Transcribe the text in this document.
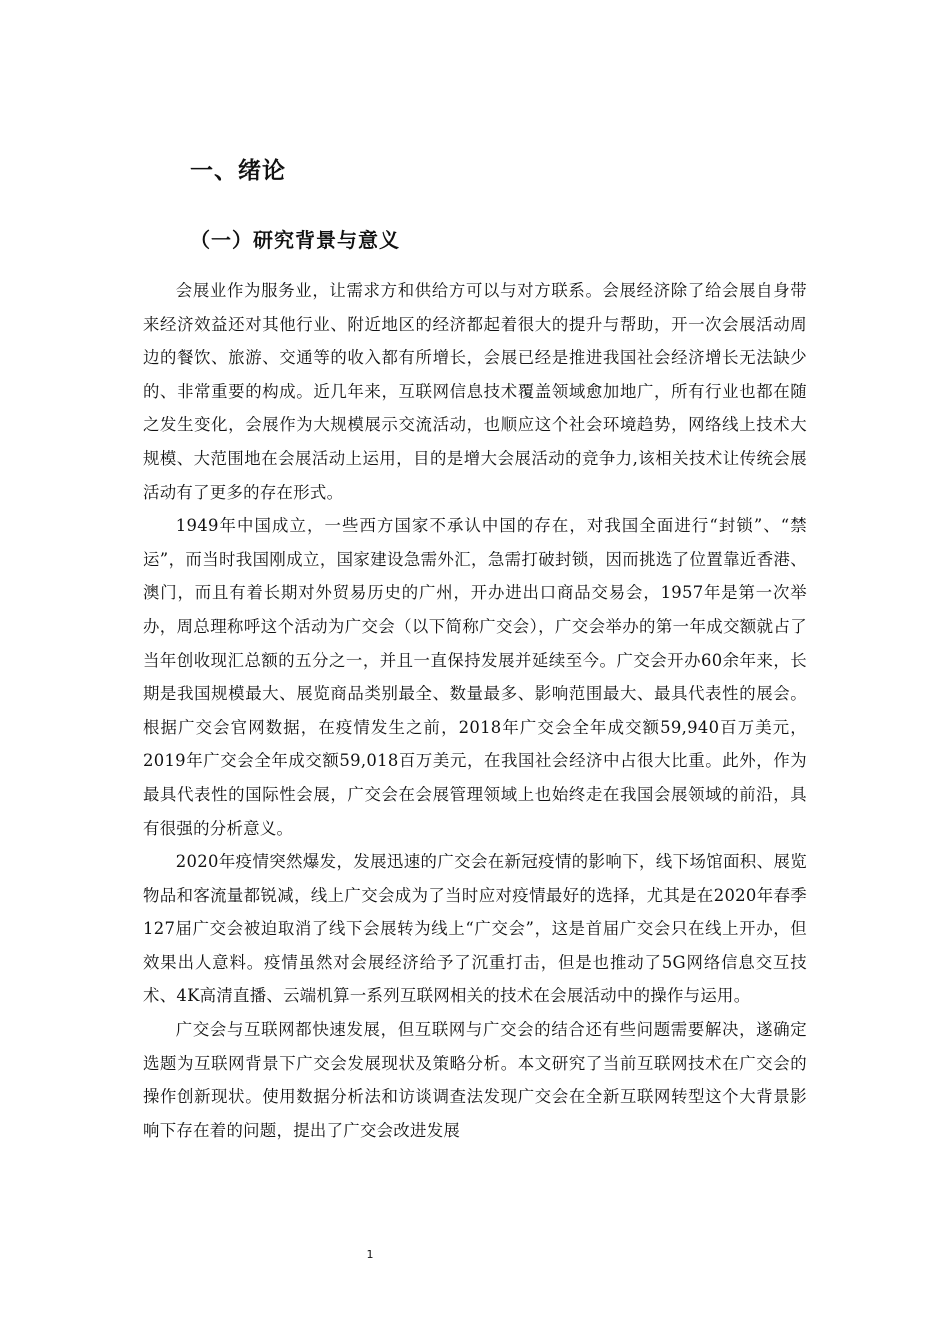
一、绪论
（一）研究背景与意义

会展业作为服务业，让需求方和供给方可以与对方联系。会展经济除了给会展自身带来经济效益还对其他行业、附近地区的经济都起着很大的提升与帮助，开一次会展活动周边的餐饮、旅游、交通等的收入都有所增长，会展已经是推进我国社会经济增长无法缺少的、非常重要的构成。近几年来，互联网信息技术覆盖领域愈加地广，所有行业也都在随之发生变化，会展作为大规模展示交流活动，也顺应这个社会环境趋势，网络线上技术大规模、大范围地在会展活动上运用，目的是增大会展活动的竞争力,该相关技术让传统会展活动有了更多的存在形式。

1949年中国成立，一些西方国家不承认中国的存在，对我国全面进行“封锁”、“禁运”，而当时我国刚成立，国家建设急需外汇，急需打破封锁，因而挑选了位置靠近香港、澳门，而且有着长期对外贸易历史的广州，开办进出口商品交易会，1957年是第一次举办，周总理称呼这个活动为广交会（以下简称广交会），广交会举办的第一年成交额就占了当年创收现汇总额的五分之一，并且一直保持发展并延续至今。广交会开办60余年来，长期是我国规模最大、展览商品类别最全、数量最多、影响范围最大、最具代表性的展会。根据广交会官网数据，在疫情发生之前，2018年广交会全年成交额59,940百万美元，2019年广交会全年成交额59,018百万美元，在我国社会经济中占很大比重。此外，作为最具代表性的国际性会展，广交会在会展管理领域上也始终走在我国会展领域的前沿，具有很强的分析意义。

2020年疫情突然爆发，发展迅速的广交会在新冠疫情的影响下，线下场馆面积、展览物品和客流量都锐减，线上广交会成为了当时应对疫情最好的选择，尤其是在2020年春季127届广交会被迫取消了线下会展转为线上“广交会”，这是首届广交会只在线上开办，但效果出人意料。疫情虽然对会展经济给予了沉重打击，但是也推动了5G网络信息交互技术、4K高清直播、云端机算一系列互联网相关的技术在会展活动中的操作与运用。

广交会与互联网都快速发展，但互联网与广交会的结合还有些问题需要解决，遂确定选题为互联网背景下广交会发展现状及策略分析。本文研究了当前互联网技术在广交会的操作创新现状。使用数据分析法和访谈调查法发现广交会在全新互联网转型这个大背景影响下存在着的问题，提出了广交会改进发展

1
